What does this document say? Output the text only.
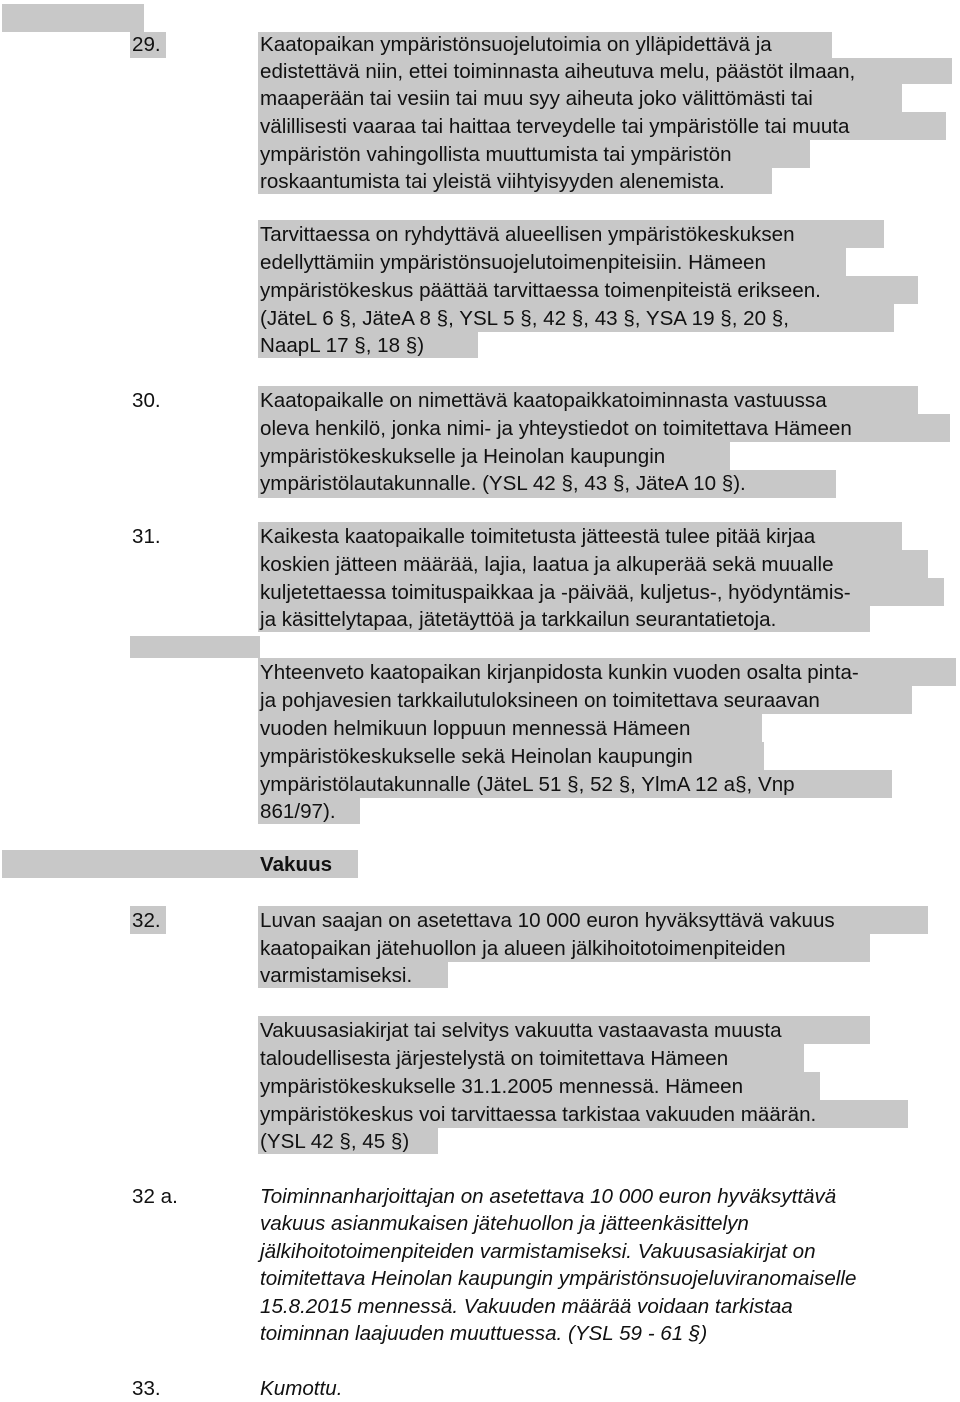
29.	Kaatopaikan ympäristönsuojelutoimia on ylläpidettävä ja
edistettävä niin, ettei toiminnasta aiheutuva melu, päästöt ilmaan,
maaperään tai vesiin tai muu syy aiheuta joko välittömästi tai
välillisesti vaaraa tai haittaa terveydelle tai ympäristölle tai muuta
ympäristön vahingollista muuttumista tai ympäristön
roskaantumista tai yleistä viihtyisyyden alenemista.
Tarvittaessa on ryhdyttävä alueellisen ympäristökeskuksen
edellyttämiin ympäristönsuojelutoimenpiteisiin. Hämeen
ympäristökeskus päättää tarvittaessa toimenpiteistä erikseen.
(JäteL 6 §, JäteA 8 §, YSL 5 §, 42 §, 43 §, YSA 19 §, 20 §,
NaapL 17 §, 18 §)
30.	Kaatopaikalle on nimettävä kaatopaikkatoiminnasta vastuussa
oleva henkilö, jonka nimi- ja yhteystiedot on toimitettava Hämeen
ympäristökeskukselle ja Heinolan kaupungin
ympäristölautakunnalle. (YSL 42 §, 43 §, JäteA 10 §).
31.	Kaikesta kaatopaikalle toimitetusta jätteestä tulee pitää kirjaa
koskien jätteen määrää, lajia, laatua ja alkuperää sekä muualle
kuljetettaessa toimituspaikkaa ja -päivää, kuljetus-, hyödyntämis-
ja käsittelytapaa, jätetäyttöä ja tarkkailun seurantatietoja.
Yhteenveto kaatopaikan kirjanpidosta kunkin vuoden osalta pinta-
ja pohjavesien tarkkailutuloksineen on toimitettava seuraavan
vuoden helmikuun loppuun mennessä Hämeen
ympäristökeskukselle sekä Heinolan kaupungin
ympäristölautakunnalle (JäteL 51 §, 52 §, YlmA 12 a§, Vnp
861/97).
Vakuus
32.	Luvan saajan on asetettava 10 000 euron hyväksyttävä vakuus
kaatopaikan jätehuollon ja alueen jälkihoitotoimenpiteiden
varmistamiseksi.
Vakuusasiakirjat tai selvitys vakuutta vastaavasta muusta
taloudellisesta järjestelystä on toimitettava Hämeen
ympäristökeskukselle 31.1.2005 mennessä. Hämeen
ympäristökeskus voi tarvittaessa tarkistaa vakuuden määrän.
(YSL 42 §, 45 §)
32 a.	Toiminnanharjoittajan on asetettava 10 000 euron hyväksyttävä
vakuus asianmukaisen jätehuollon ja jätteenkäsittelyn
jälkihoitotoimenpiteiden varmistamiseksi. Vakuusasiakirjat on
toimitettava Heinolan kaupungin ympäristönsuojeluviranomaiselle
15.8.2015 mennessä. Vakuuden määrää voidaan tarkistaa
toiminnan laajuuden muuttuessa. (YSL 59 - 61 §)
33.	Kumottu.
